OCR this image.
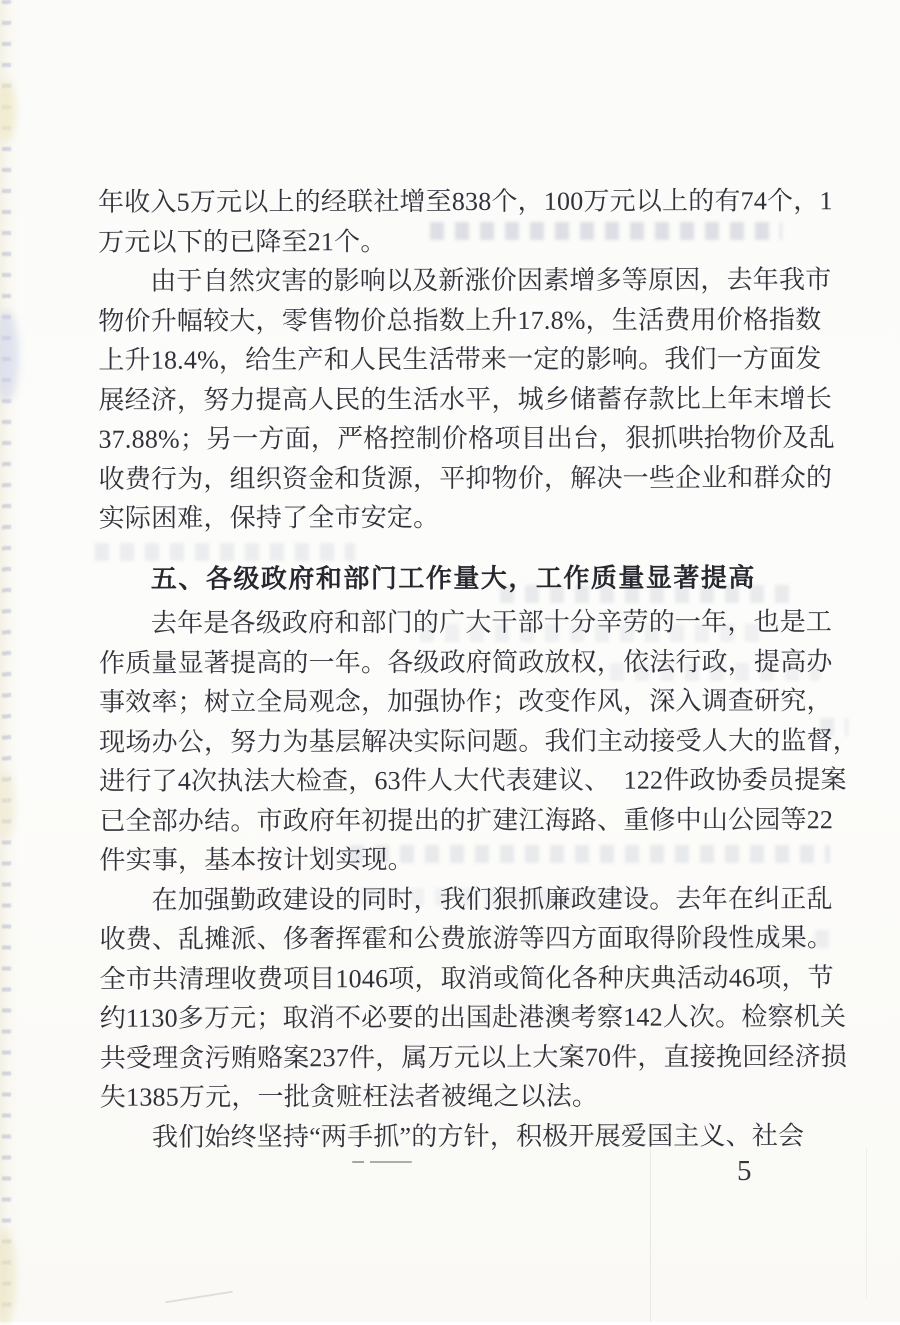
年收入5万元以上的经联社增至838个，100万元以上的有74个，1
万元以下的已降至21个。
由于自然灾害的影响以及新涨价因素增多等原因，去年我市
物价升幅较大，零售物价总指数上升17.8%，生活费用价格指数
上升18.4%，给生产和人民生活带来一定的影响。我们一方面发
展经济，努力提高人民的生活水平，城乡储蓄存款比上年末增长
37.88%；另一方面，严格控制价格项目出台，狠抓哄抬物价及乱
收费行为，组织资金和货源，平抑物价，解决一些企业和群众的
实际困难，保持了全市安定。
五、各级政府和部门工作量大，工作质量显著提高
去年是各级政府和部门的广大干部十分辛劳的一年，也是工
作质量显著提高的一年。各级政府简政放权，依法行政，提高办
事效率；树立全局观念，加强协作；改变作风，深入调查研究，
现场办公，努力为基层解决实际问题。我们主动接受人大的监督，
进行了4次执法大检查，63件人大代表建议、　122件政协委员提案
已全部办结。市政府年初提出的扩建江海路、重修中山公园等22
件实事，基本按计划实现。
在加强勤政建设的同时，我们狠抓廉政建设。去年在纠正乱
收费、乱摊派、侈奢挥霍和公费旅游等四方面取得阶段性成果。
全市共清理收费项目1046项，取消或简化各种庆典活动46项，节
约1130多万元；取消不必要的出国赴港澳考察142人次。检察机关
共受理贪污贿赂案237件，属万元以上大案70件，直接挽回经济损
失1385万元，一批贪赃枉法者被绳之以法。
我们始终坚持“两手抓”的方针，积极开展爱国主义、社会
5
